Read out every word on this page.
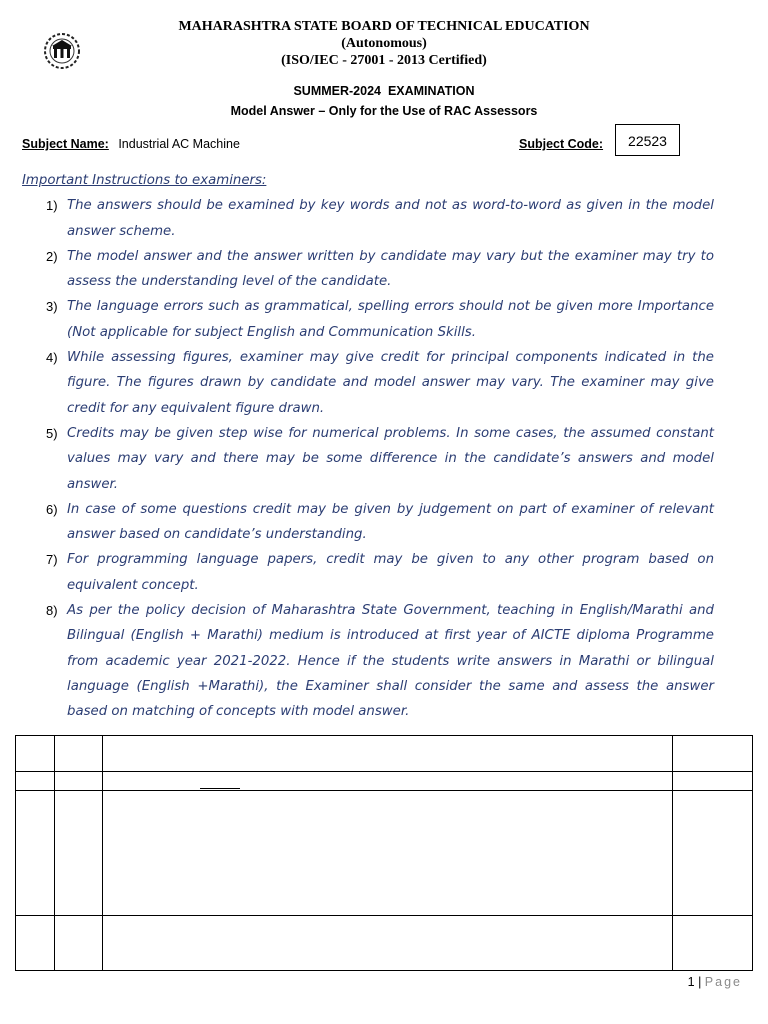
MAHARASHTRA STATE BOARD OF TECHNICAL EDUCATION
(Autonomous)
(ISO/IEC - 27001 - 2013 Certified)
SUMMER-2024  EXAMINATION
Model Answer – Only for the Use of RAC Assessors
Subject Name: Industrial AC Machine	Subject Code:	22523
Important Instructions to examiners:
1) The answers should be examined by key words and not as word-to-word as given in the model answer scheme.
2) The model answer and the answer written by candidate may vary but the examiner may try to assess the understanding level of the candidate.
3) The language errors such as grammatical, spelling errors should not be given more Importance (Not applicable for subject English and Communication Skills.
4) While assessing figures, examiner may give credit for principal components indicated in the figure. The figures drawn by candidate and model answer may vary. The examiner may give credit for any equivalent figure drawn.
5) Credits may be given step wise for numerical problems. In some cases, the assumed constant values may vary and there may be some difference in the candidate’s answers and model answer.
6) In case of some questions credit may be given by judgement on part of examiner of relevant answer based on candidate’s understanding.
7) For programming language papers, credit may be given to any other program based on equivalent concept.
8) As per the policy decision of Maharashtra State Government, teaching in English/Marathi and Bilingual (English + Marathi) medium is introduced at first year of AICTE diploma Programme from academic year 2021-2022. Hence if the students write answers in Marathi or bilingual language (English +Marathi), the Examiner shall consider the same and assess the answer based on matching of concepts with model answer.

1 | Page
